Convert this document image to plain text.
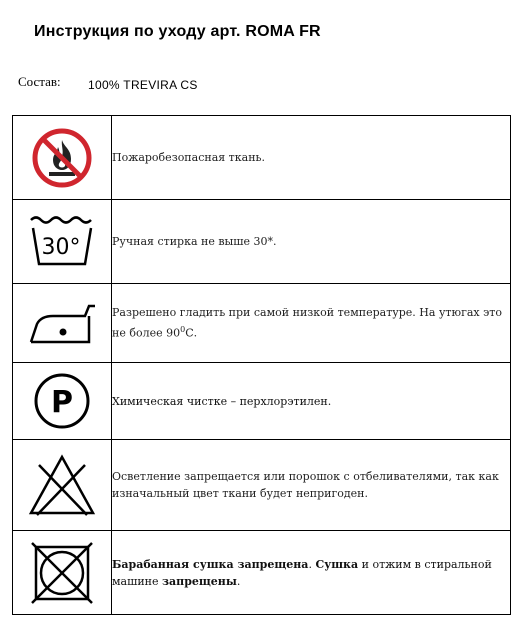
Инструкция по уходу арт. ROMA FR
Состав: 100% TREVIRA CS
	Пожаробезопасная ткань.

30°	Ручная стирка не выше 30*.

	Разрешено гладить при самой низкой температуре. На утюгах это не более $90^0С$.

P	Химическая чистке – перхлорэтилен.

	Осветление запрещается или порошок с отбеливателями, так как изначальный цвет ткани будет непригоден.

	Барабанная сушка запрещена. Сушка и отжим в стиральной машине запрещены.
